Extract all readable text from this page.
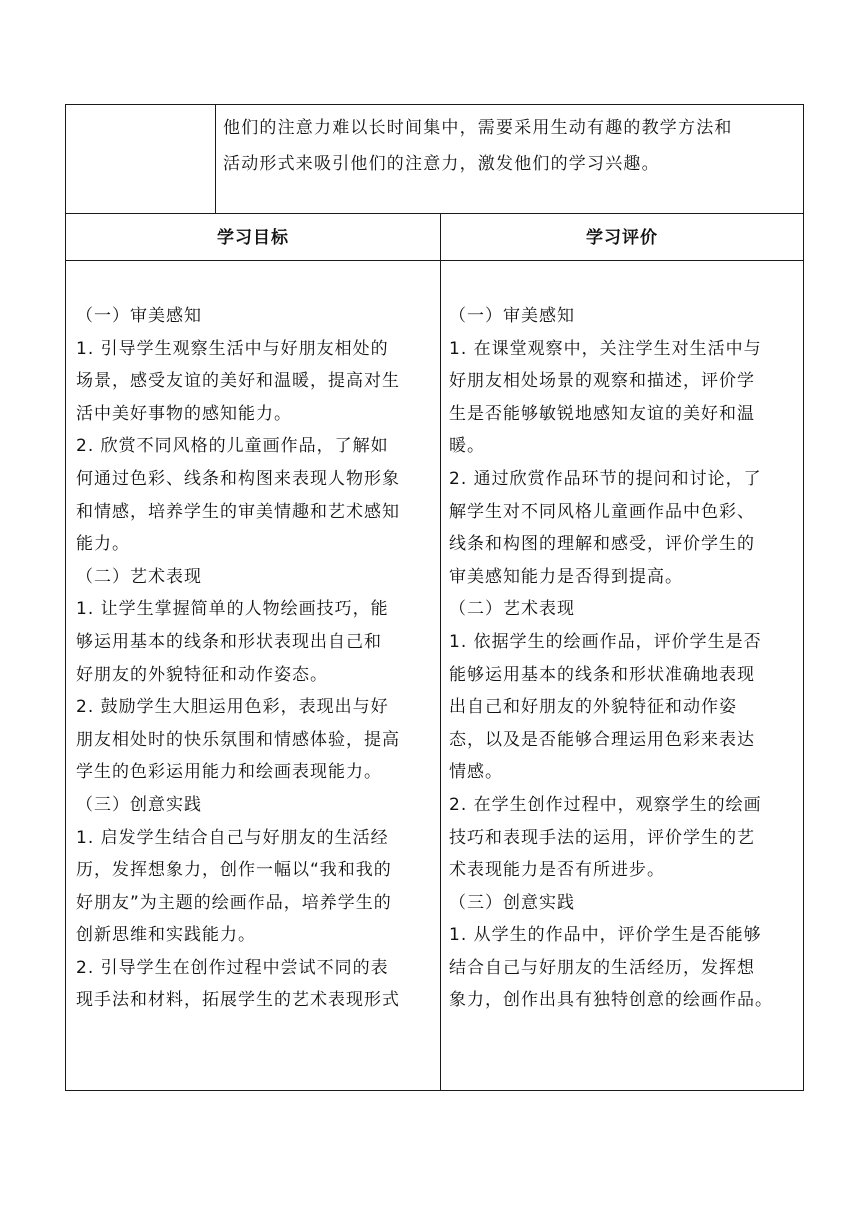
他们的注意力难以长时间集中，需要采用生动有趣的教学方法和

活动形式来吸引他们的注意力，激发他们的学习兴趣。

学习目标	学习评价

（一）审美感知

1. 引导学生观察生活中与好朋友相处的

场景，感受友谊的美好和温暖，提高对生

活中美好事物的感知能力。

2. 欣赏不同风格的儿童画作品，了解如

何通过色彩、线条和构图来表现人物形象

和情感，培养学生的审美情趣和艺术感知

能力。

（二）艺术表现

1. 让学生掌握简单的人物绘画技巧，能

够运用基本的线条和形状表现出自己和

好朋友的外貌特征和动作姿态。

2. 鼓励学生大胆运用色彩，表现出与好

朋友相处时的快乐氛围和情感体验，提高

学生的色彩运用能力和绘画表现能力。

（三）创意实践

1. 启发学生结合自己与好朋友的生活经

历，发挥想象力，创作一幅以“我和我的

好朋友”为主题的绘画作品，培养学生的

创新思维和实践能力。

2. 引导学生在创作过程中尝试不同的表

现手法和材料，拓展学生的艺术表现形式

（一）审美感知

1. 在课堂观察中，关注学生对生活中与

好朋友相处场景的观察和描述，评价学

生是否能够敏锐地感知友谊的美好和温

暖。

2. 通过欣赏作品环节的提问和讨论，了

解学生对不同风格儿童画作品中色彩、

线条和构图的理解和感受，评价学生的

审美感知能力是否得到提高。

（二）艺术表现

1. 依据学生的绘画作品，评价学生是否

能够运用基本的线条和形状准确地表现

出自己和好朋友的外貌特征和动作姿

态，以及是否能够合理运用色彩来表达

情感。

2. 在学生创作过程中，观察学生的绘画

技巧和表现手法的运用，评价学生的艺

术表现能力是否有所进步。

（三）创意实践

1. 从学生的作品中，评价学生是否能够

结合自己与好朋友的生活经历，发挥想

象力，创作出具有独特创意的绘画作品。
